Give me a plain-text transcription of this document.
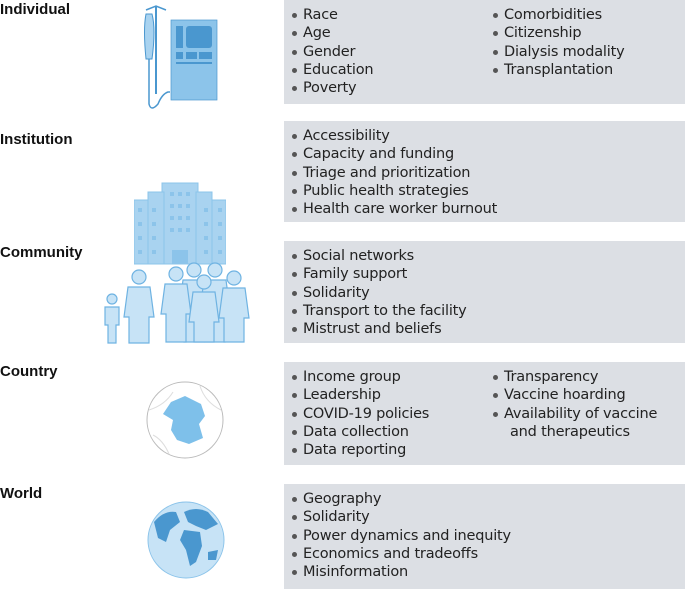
Individual	Race
Age
Gender
Education
Poverty
Comorbidities
Citizenship
Dialysis modality
Transplantation
Institution	Accessibility
Capacity and funding
Triage and prioritization
Public health strategies
Health care worker burnout
Community	Social networks
Family support
Solidarity
Transport to the facility
Mistrust and beliefs
Country	Income group
Leadership
COVID-19 policies
Data collection
Data reporting
Transparency
Vaccine hoarding
Availability of vaccine
and therapeutics
World	Geography
Solidarity
Power dynamics and inequity
Economics and tradeoffs
Misinformation
